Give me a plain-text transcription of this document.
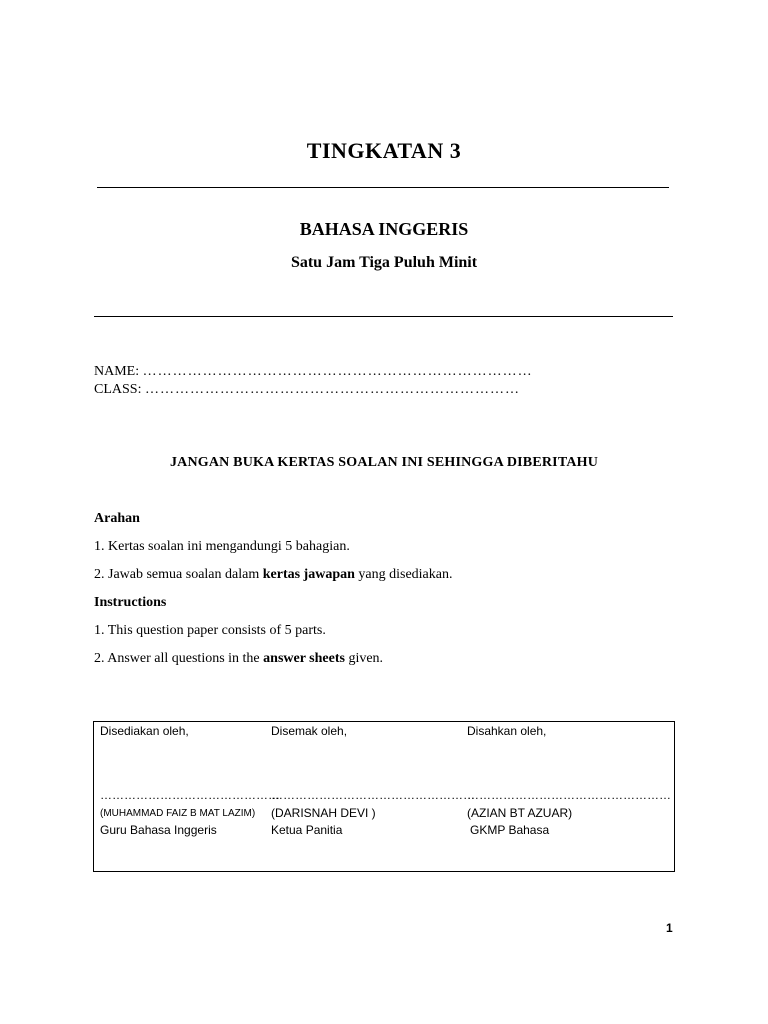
TINGKATAN 3
BAHASA INGGERIS
Satu Jam Tiga Puluh Minit
NAME: ……………………………………………………………………
CLASS: …………………………………………………………………
JANGAN BUKA KERTAS SOALAN INI SEHINGGA DIBERITAHU
Arahan
1. Kertas soalan ini mengandungi 5 bahagian.
2. Jawab semua soalan dalam kertas jawapan yang disediakan.
Instructions
1. This question paper consists of 5 parts.
2. Answer all questions in the answer sheets given.
Disediakan oleh,
………………………………………
(MUHAMMAD FAIZ B MAT LAZIM)
Guru Bahasa Inggeris
Disemak oleh,
……………………………………………
(DARISNAH DEVI )
Ketua Panitia
Disahkan oleh,
……………………………………………
(AZIAN BT AZUAR)
GKMP Bahasa
1
